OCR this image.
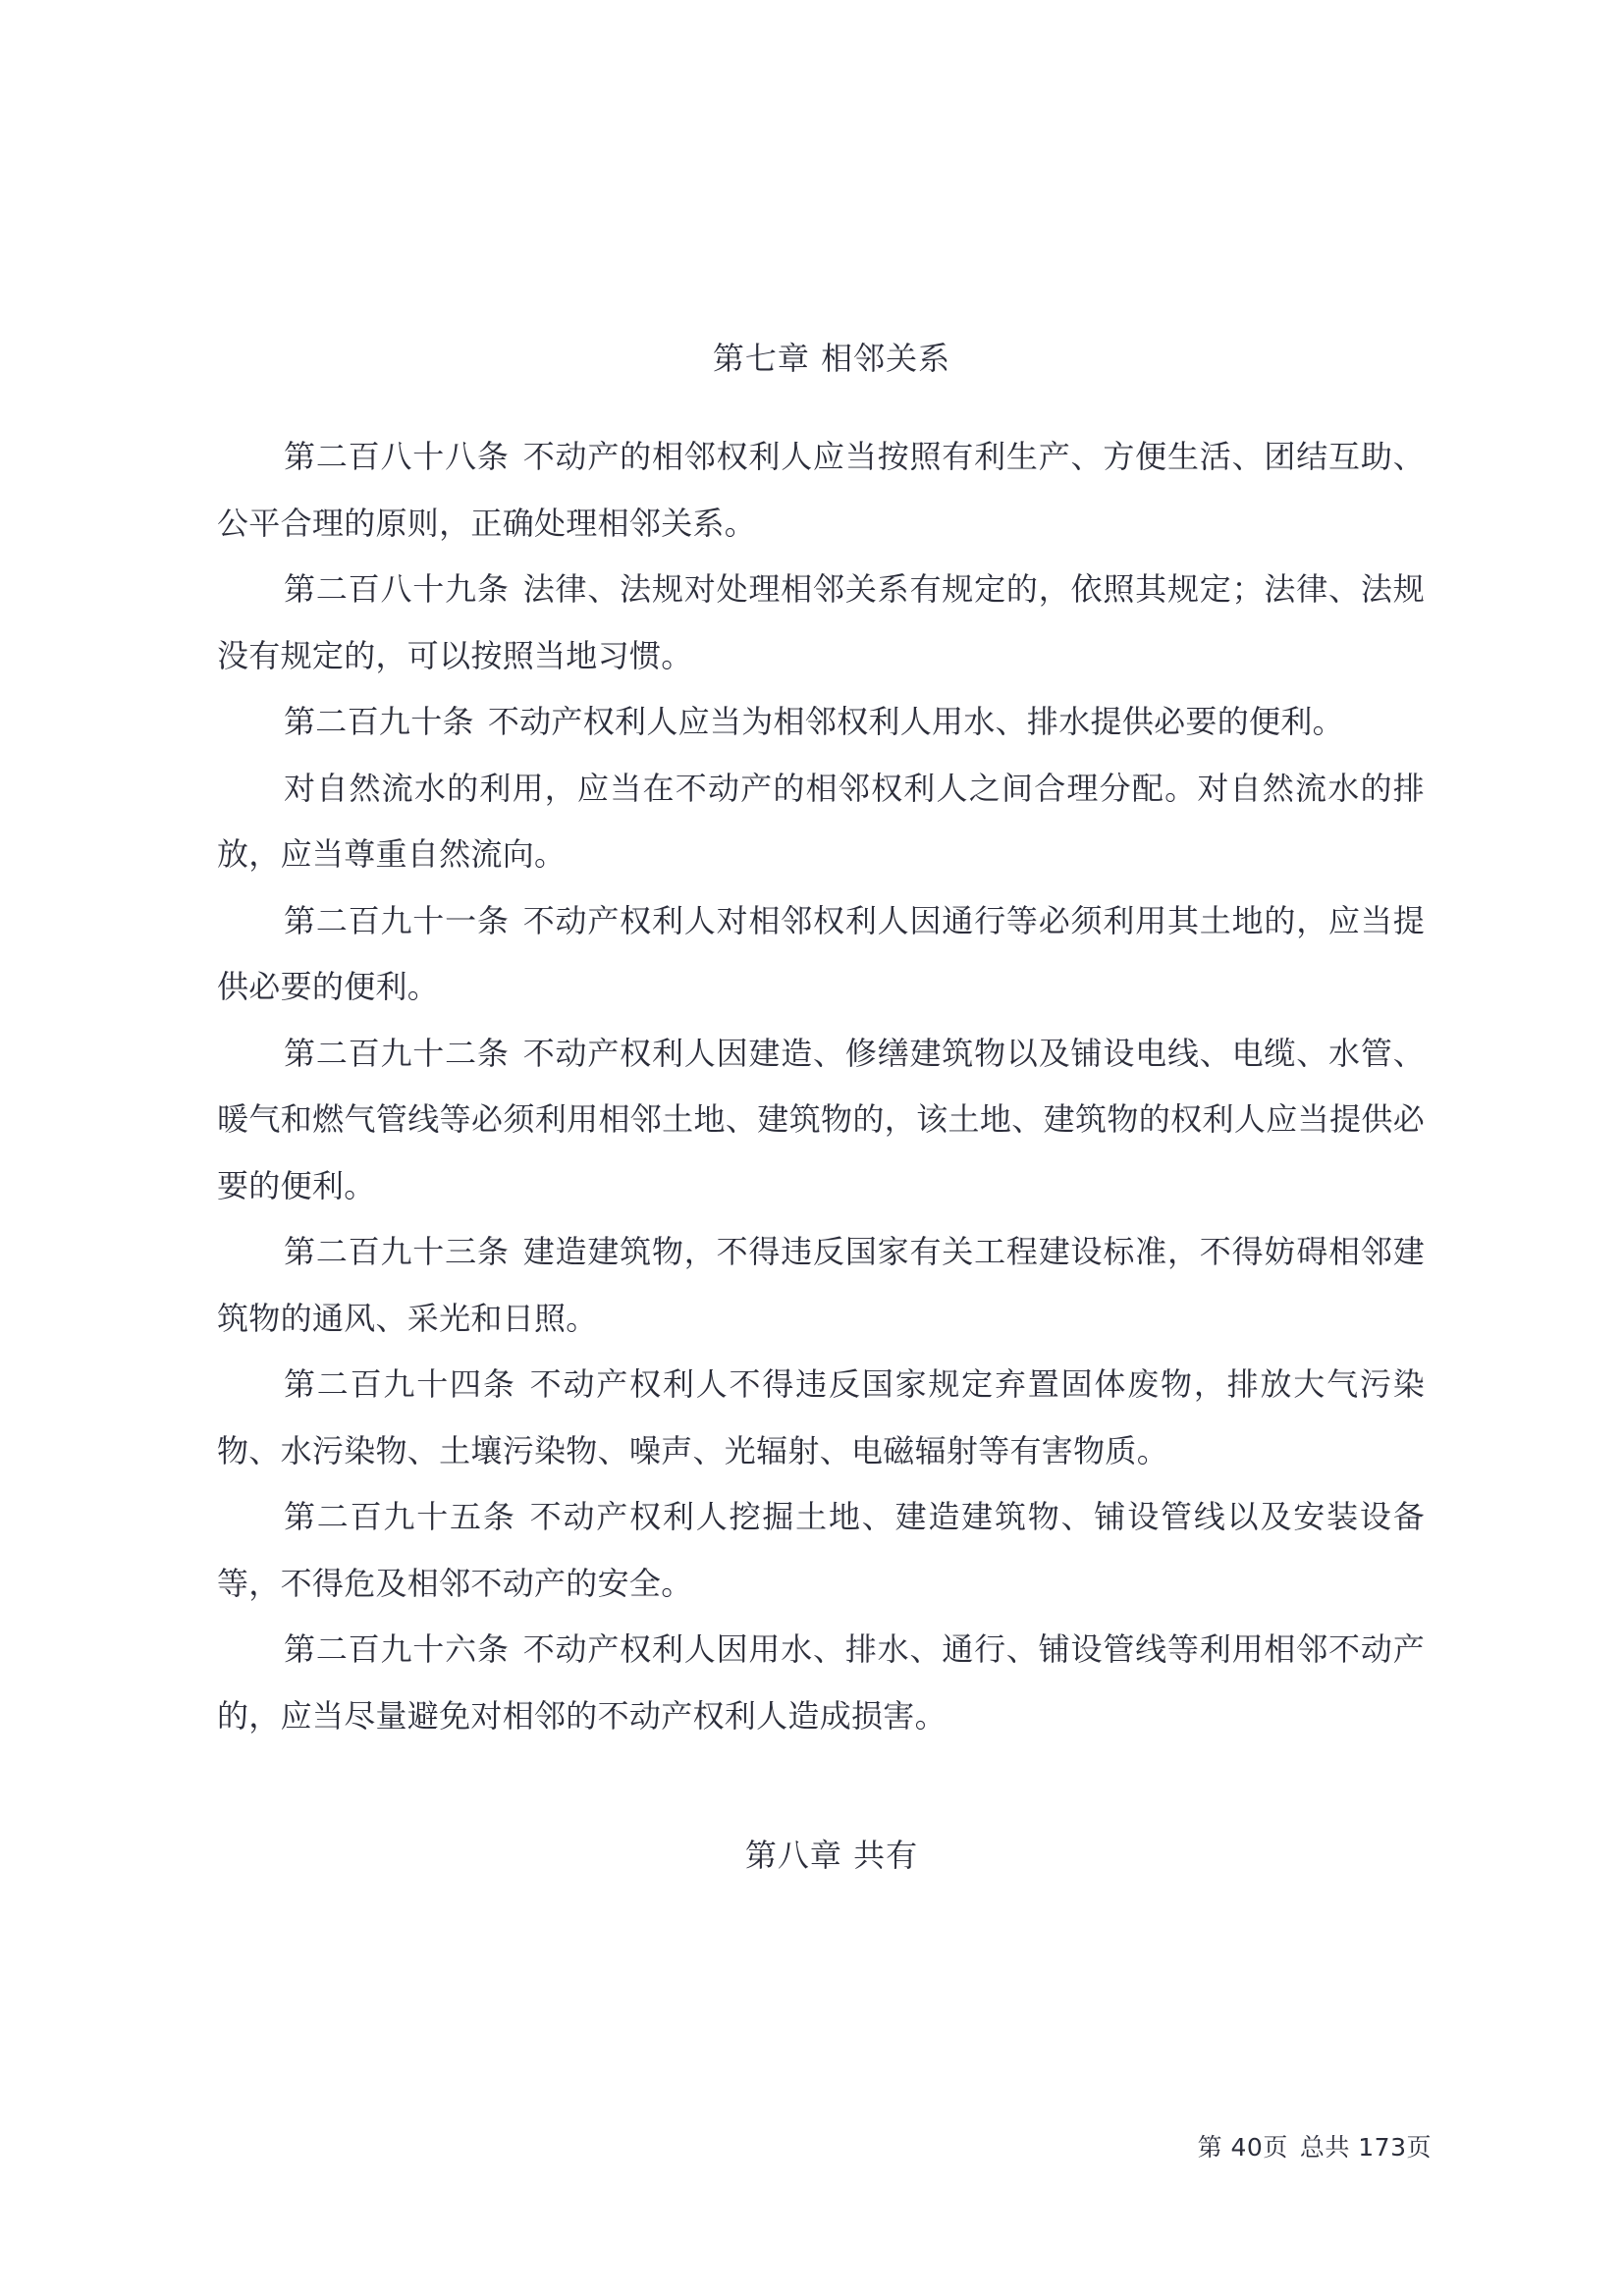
第七章 相邻关系

第二百八十八条 不动产的相邻权利人应当按照有利生产、方便生活、团结互助、公平合理的原则，正确处理相邻关系。

第二百八十九条 法律、法规对处理相邻关系有规定的，依照其规定；法律、法规没有规定的，可以按照当地习惯。

第二百九十条 不动产权利人应当为相邻权利人用水、排水提供必要的便利。

对自然流水的利用，应当在不动产的相邻权利人之间合理分配。对自然流水的排放，应当尊重自然流向。

第二百九十一条 不动产权利人对相邻权利人因通行等必须利用其土地的，应当提供必要的便利。

第二百九十二条 不动产权利人因建造、修缮建筑物以及铺设电线、电缆、水管、暖气和燃气管线等必须利用相邻土地、建筑物的，该土地、建筑物的权利人应当提供必要的便利。

第二百九十三条 建造建筑物，不得违反国家有关工程建设标准，不得妨碍相邻建筑物的通风、采光和日照。

第二百九十四条 不动产权利人不得违反国家规定弃置固体废物，排放大气污染物、水污染物、土壤污染物、噪声、光辐射、电磁辐射等有害物质。

第二百九十五条 不动产权利人挖掘土地、建造建筑物、铺设管线以及安装设备等，不得危及相邻不动产的安全。

第二百九十六条 不动产权利人因用水、排水、通行、铺设管线等利用相邻不动产的，应当尽量避免对相邻的不动产权利人造成损害。

第八章 共有
第 40页 总共 173页
